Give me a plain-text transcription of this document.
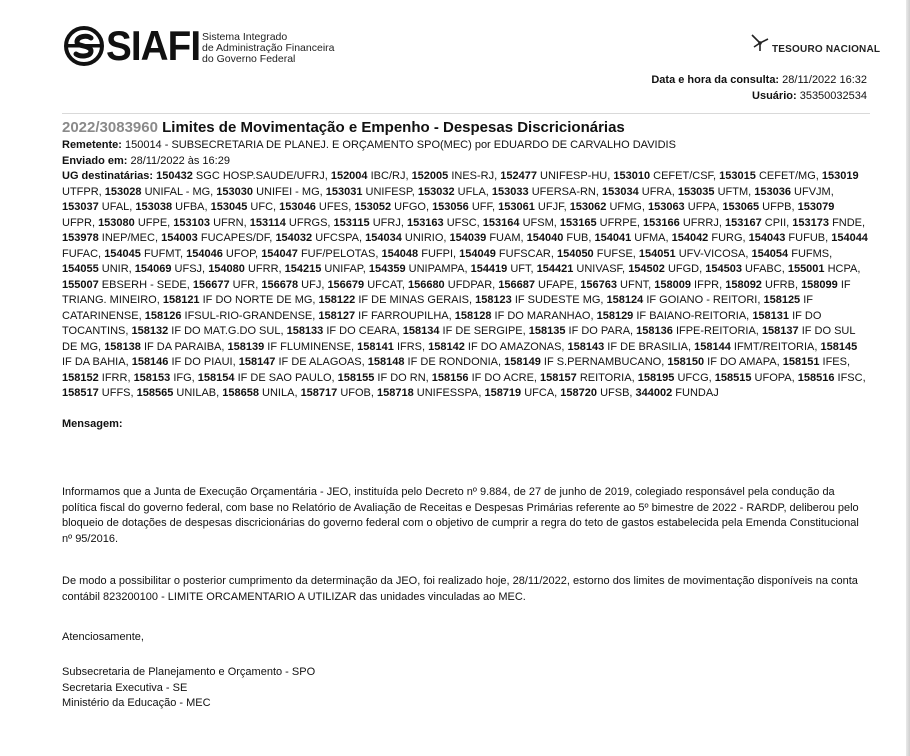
SIAFI Sistema Integrado
de Administração Financeira
do Governo Federal
TESOURO NACIONAL
Data e hora da consulta: 28/11/2022 16:32
Usuário: 35350032534
2022/3083960 Limites de Movimentação e Empenho - Despesas Discricionárias
Remetente: 150014 - SUBSECRETARIA DE PLANEJ. E ORÇAMENTO SPO(MEC) por EDUARDO DE CARVALHO DAVIDIS
Enviado em: 28/11/2022 às 16:29
UG destinatárias: 150432 SGC HOSP.SAUDE/UFRJ, 152004 IBC/RJ, 152005 INES-RJ, 152477 UNIFESP-HU, 153010 CEFET/CSF, 153015 CEFET/MG, 153019 UTFPR, 153028 UNIFAL - MG, 153030 UNIFEI - MG, 153031 UNIFESP, 153032 UFLA, 153033 UFERSA-RN, 153034 UFRA, 153035 UFTM, 153036 UFVJM, 153037 UFAL, 153038 UFBA, 153045 UFC, 153046 UFES, 153052 UFGO, 153056 UFF, 153061 UFJF, 153062 UFMG, 153063 UFPA, 153065 UFPB, 153079 UFPR, 153080 UFPE, 153103 UFRN, 153114 UFRGS, 153115 UFRJ, 153163 UFSC, 153164 UFSM, 153165 UFRPE, 153166 UFRRJ, 153167 CPII, 153173 FNDE, 153978 INEP/MEC, 154003 FUCAPES/DF, 154032 UFCSPA, 154034 UNIRIO, 154039 FUAM, 154040 FUB, 154041 UFMA, 154042 FURG, 154043 FUFUB, 154044 FUFAC, 154045 FUFMT, 154046 UFOP, 154047 FUF/PELOTAS, 154048 FUFPI, 154049 FUFSCAR, 154050 FUFSE, 154051 UFV-VICOSA, 154054 FUFMS, 154055 UNIR, 154069 UFSJ, 154080 UFRR, 154215 UNIFAP, 154359 UNIPAMPA, 154419 UFT, 154421 UNIVASF, 154502 UFGD, 154503 UFABC, 155001 HCPA, 155007 EBSERH - SEDE, 156677 UFR, 156678 UFJ, 156679 UFCAT, 156680 UFDPAR, 156687 UFAPE, 156763 UFNT, 158009 IFPR, 158092 UFRB, 158099 IF TRIANG. MINEIRO, 158121 IF DO NORTE DE MG, 158122 IF DE MINAS GERAIS, 158123 IF SUDESTE MG, 158124 IF GOIANO - REITORI, 158125 IF CATARINENSE, 158126 IFSUL-RIO-GRANDENSE, 158127 IF FARROUPILHA, 158128 IF DO MARANHAO, 158129 IF BAIANO-REITORIA, 158131 IF DO TOCANTINS, 158132 IF DO MAT.G.DO SUL, 158133 IF DO CEARA, 158134 IF DE SERGIPE, 158135 IF DO PARA, 158136 IFPE-REITORIA, 158137 IF DO SUL DE MG, 158138 IF DA PARAIBA, 158139 IF FLUMINENSE, 158141 IFRS, 158142 IF DO AMAZONAS, 158143 IF DE BRASILIA, 158144 IFMT/REITORIA, 158145 IF DA BAHIA, 158146 IF DO PIAUI, 158147 IF DE ALAGOAS, 158148 IF DE RONDONIA, 158149 IF S.PERNAMBUCANO, 158150 IF DO AMAPA, 158151 IFES, 158152 IFRR, 158153 IFG, 158154 IF DE SAO PAULO, 158155 IF DO RN, 158156 IF DO ACRE, 158157 REITORIA, 158195 UFCG, 158515 UFOPA, 158516 IFSC, 158517 UFFS, 158565 UNILAB, 158658 UNILA, 158717 UFOB, 158718 UNIFESSPA, 158719 UFCA, 158720 UFSB, 344002 FUNDAJ
Mensagem:
Informamos que a Junta de Execução Orçamentária - JEO, instituída pelo Decreto nº 9.884, de 27 de junho de 2019, colegiado responsável pela condução da política fiscal do governo federal, com base no Relatório de Avaliação de Receitas e Despesas Primárias referente ao 5º bimestre de 2022 - RARDP, deliberou pelo bloqueio de dotações de despesas discricionárias do governo federal com o objetivo de cumprir a regra do teto de gastos estabelecida pela Emenda Constitucional nº 95/2016.
De modo a possibilitar o posterior cumprimento da determinação da JEO, foi realizado hoje, 28/11/2022, estorno dos limites de movimentação disponíveis na conta contábil 823200100 - LIMITE ORCAMENTARIO A UTILIZAR das unidades vinculadas ao MEC.
Atenciosamente,
Subsecretaria de Planejamento e Orçamento - SPO
Secretaria Executiva - SE
Ministério da Educação - MEC
